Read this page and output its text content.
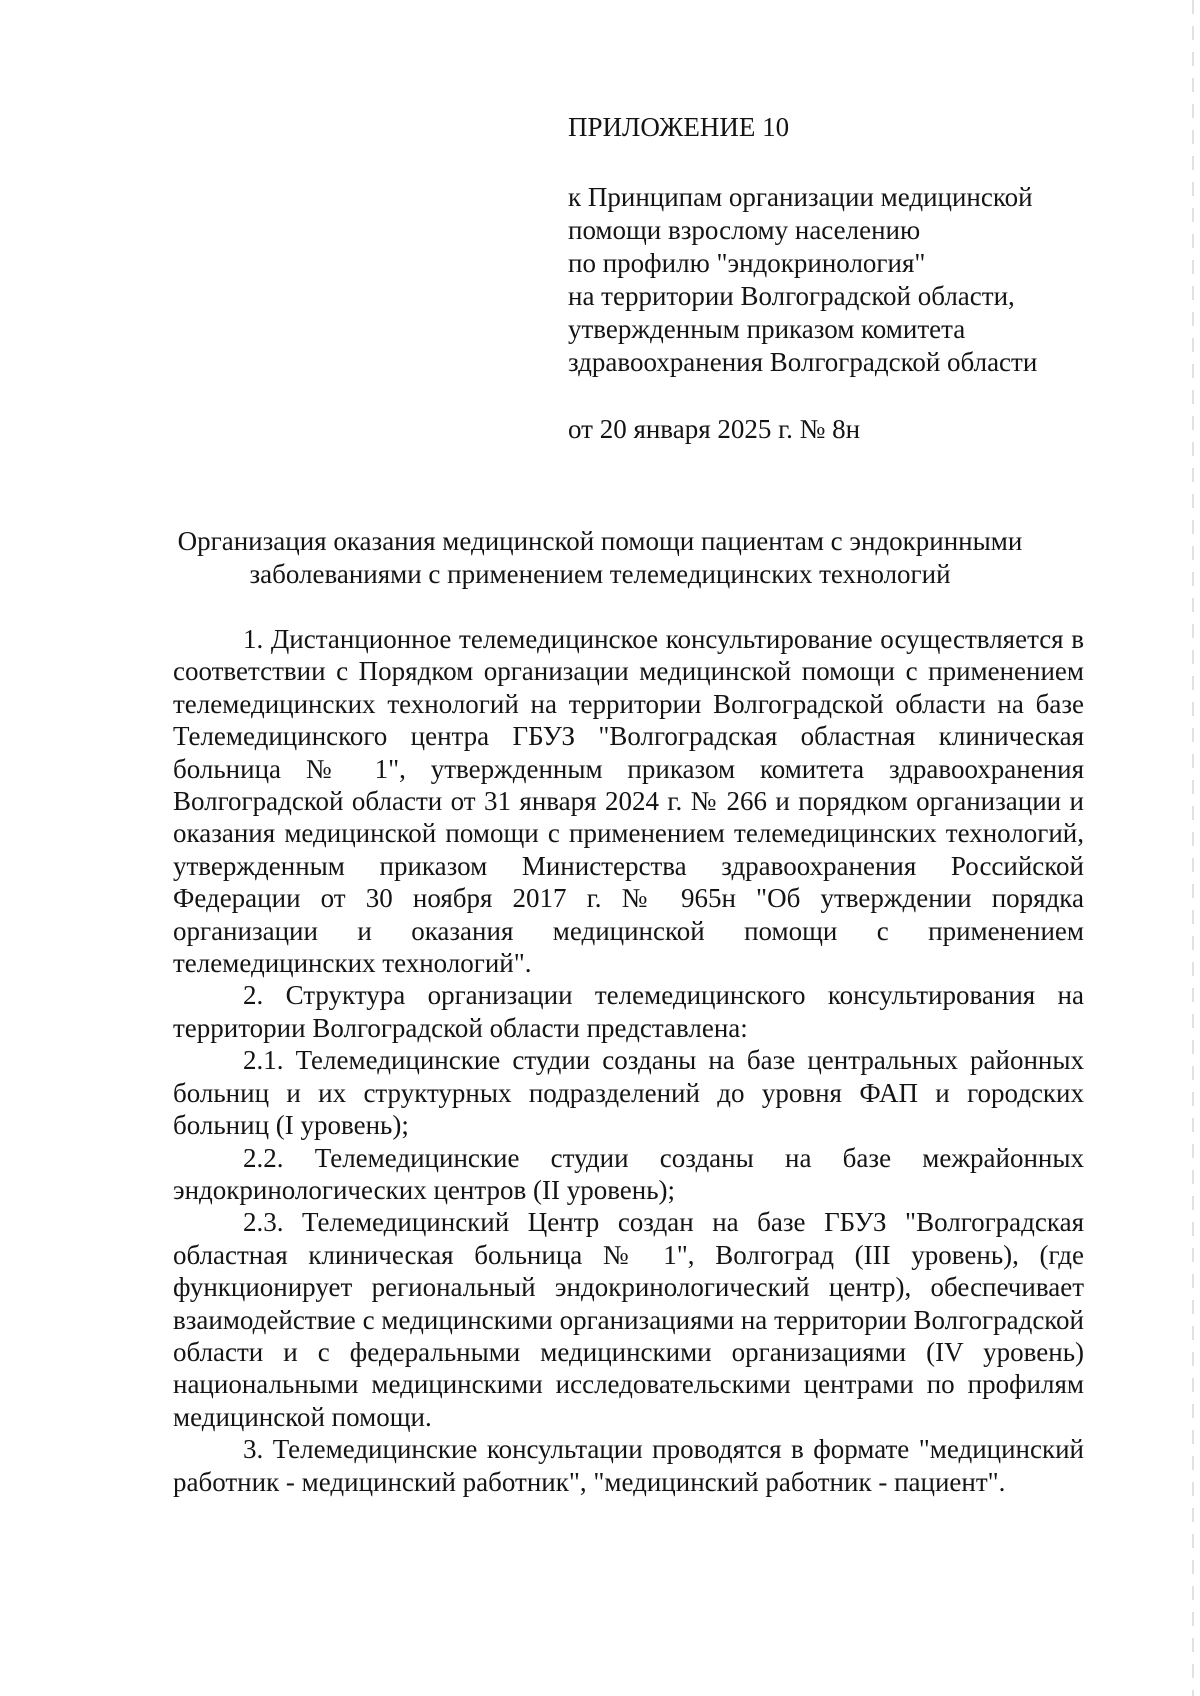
ПРИЛОЖЕНИЕ 10
к Принципам организации медицинской
помощи взрослому населению
по профилю "эндокринология"
на территории Волгоградской области,
утвержденным приказом комитета
здравоохранения Волгоградской области
от 20 января 2025 г. № 8н
Организация оказания медицинской помощи пациентам с эндокринными
заболеваниями с применением телемедицинских технологий

1. Дистанционное телемедицинское консультирование осуществляется в соответствии с Порядком организации медицинской помощи с применением телемедицинских технологий на территории Волгоградской области на базе Телемедицинского центра ГБУЗ "Волгоградская областная клиническая больница № 1", утвержденным приказом комитета здравоохранения Волгоградской области от 31 января 2024 г. № 266 и порядком организации и оказания медицинской помощи с применением телемедицинских технологий, утвержденным приказом Министерства здравоохранения Российской Федерации от 30 ноября 2017 г. № 965н "Об утверждении порядка организации и оказания медицинской помощи с применением телемедицинских технологий".

2. Структура организации телемедицинского консультирования на территории Волгоградской области представлена:

2.1. Телемедицинские студии созданы на базе центральных районных больниц и их структурных подразделений до уровня ФАП и городских больниц (I уровень);

2.2. Телемедицинские студии созданы на базе межрайонных эндокринологических центров (II уровень);

2.3. Телемедицинский Центр создан на базе ГБУЗ "Волгоградская областная клиническая больница № 1", Волгоград (III уровень), (где функционирует региональный эндокринологический центр), обеспечивает взаимодействие с медицинскими организациями на территории Волгоградской области и с федеральными медицинскими организациями (IV уровень) национальными медицинскими исследовательскими центрами по профилям медицинской помощи.

3. Телемедицинские консультации проводятся в формате "медицинский работник - медицинский работник", "медицинский работник - пациент".
